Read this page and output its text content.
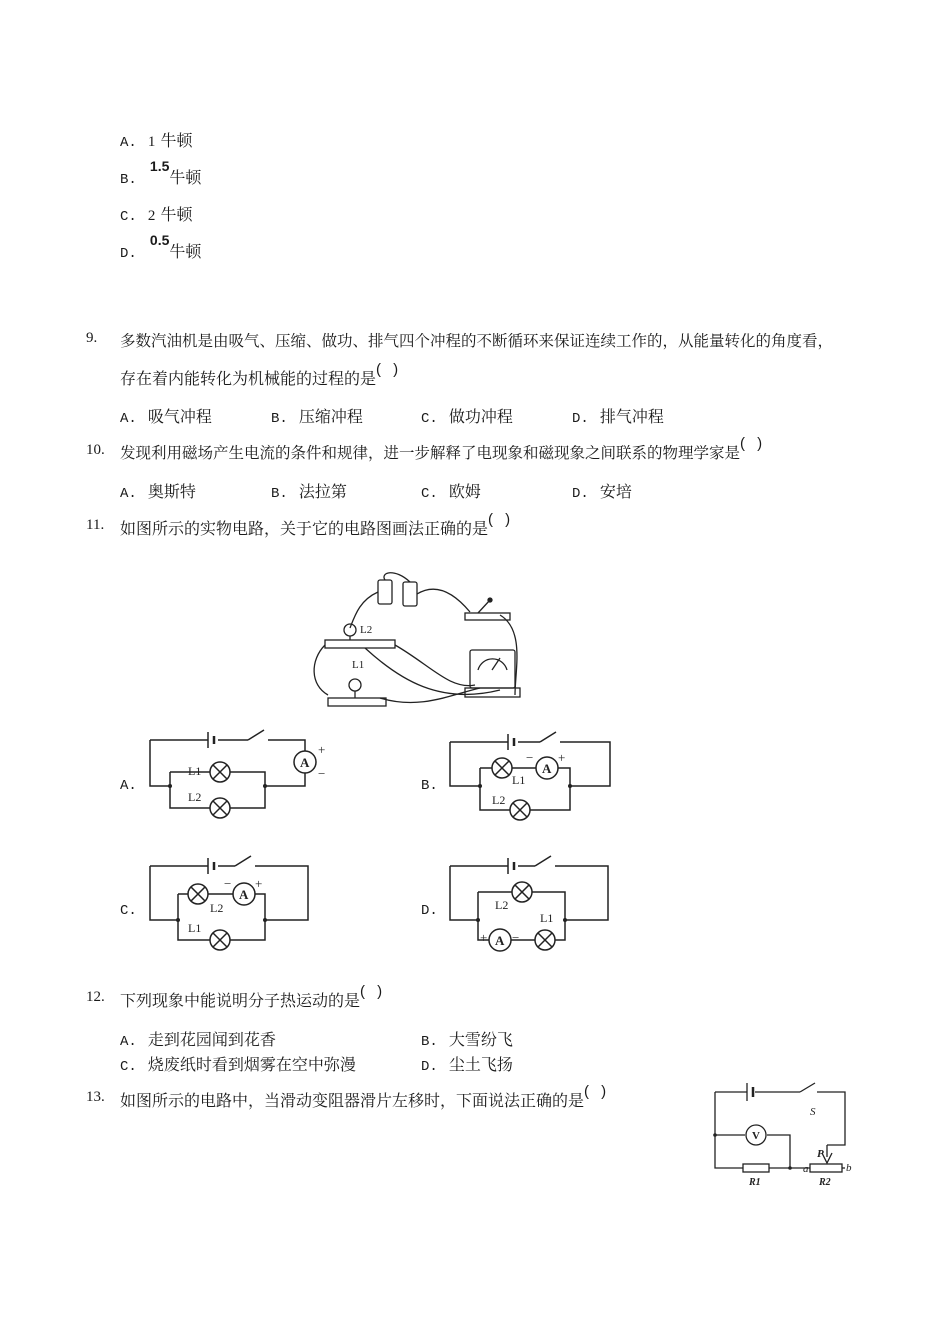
A. 1 牛顿
B. 1.5牛顿
C. 2 牛顿
D. 0.5牛顿
9. 多数汽油机是由吸气、压缩、做功、排气四个冲程的不断循环来保证连续工作的，从能量转化的角度看，
存在着内能转化为机械能的过程的是( )
A. 吸气冲程	B. 压缩冲程	C. 做功冲程	D. 排气冲程
10. 发现利用磁场产生电流的条件和规律，进一步解释了电现象和磁现象之间联系的物理学家是( )
A. 奥斯特	B. 法拉第	C. 欧姆	D. 安培
11. 如图所示的实物电路，关于它的电路图画法正确的是( )
L2
L1
A.	B.
C.	D.
A
+
−
L1
L2
A
− +
L1
L2
A
− +
L2
L1
A
+ −
L2
L1
12. 下列现象中能说明分子热运动的是( )
A. 走到花园闻到花香	B. 大雪纷飞
C. 烧废纸时看到烟雾在空中弥漫	D. 尘土飞扬
13. 如图所示的电路中，当滑动变阻器滑片左移时，下面说法正确的是( )
S
V
P
a	b
R1	R2
